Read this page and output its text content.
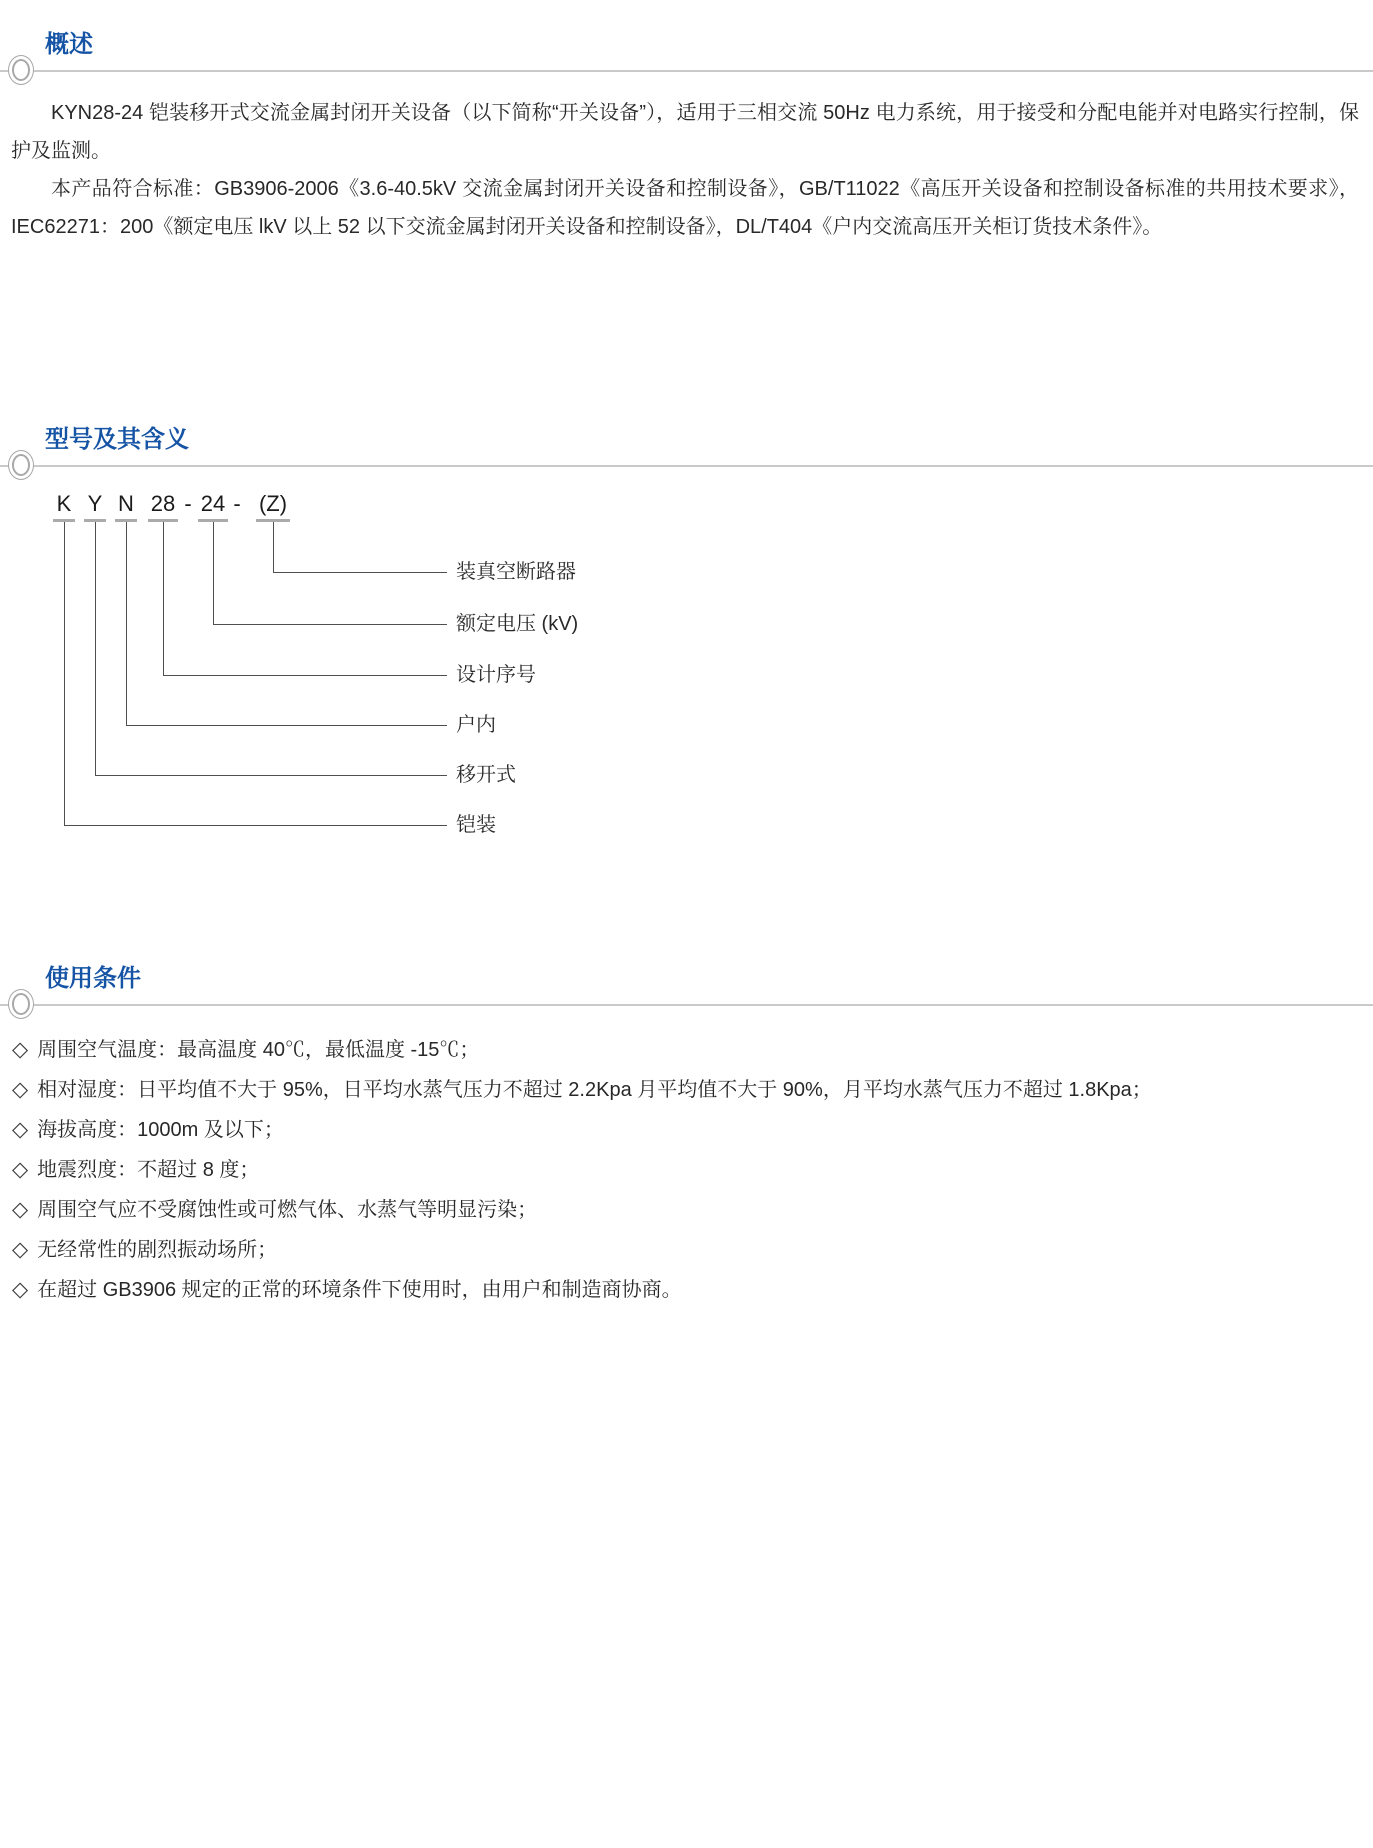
概述

KYN28-24 铠装移开式交流金属封闭开关设备（以下简称“开关设备”），适用于三相交流 50Hz 电力系统，用于接受和分配电能并对电路实行控制，保护及监测。

本产品符合标准：GB3906-2006《3.6-40.5kV 交流金属封闭开关设备和控制设备》，GB/T11022《高压开关设备和控制设备标准的共用技术要求》，IEC62271：200《额定电压 lkV 以上 52 以下交流金属封闭开关设备和控制设备》，DL/T404《户内交流高压开关柜订货技术条件》。

型号及其含义
K Y N 28 - 24 - (Z)
装真空断路器
额定电压 (kV)
设计序号
户内
移开式
铠装
使用条件
◇ 周围空气温度：最高温度 40℃，最低温度 -15℃；
◇ 相对湿度：日平均值不大于 95%，日平均水蒸气压力不超过 2.2Kpa 月平均值不大于 90%，月平均水蒸气压力不超过 1.8Kpa；
◇ 海拔高度：1000m 及以下；
◇ 地震烈度：不超过 8 度；
◇ 周围空气应不受腐蚀性或可燃气体、水蒸气等明显污染；
◇ 无经常性的剧烈振动场所；
◇ 在超过 GB3906 规定的正常的环境条件下使用时，由用户和制造商协商。
